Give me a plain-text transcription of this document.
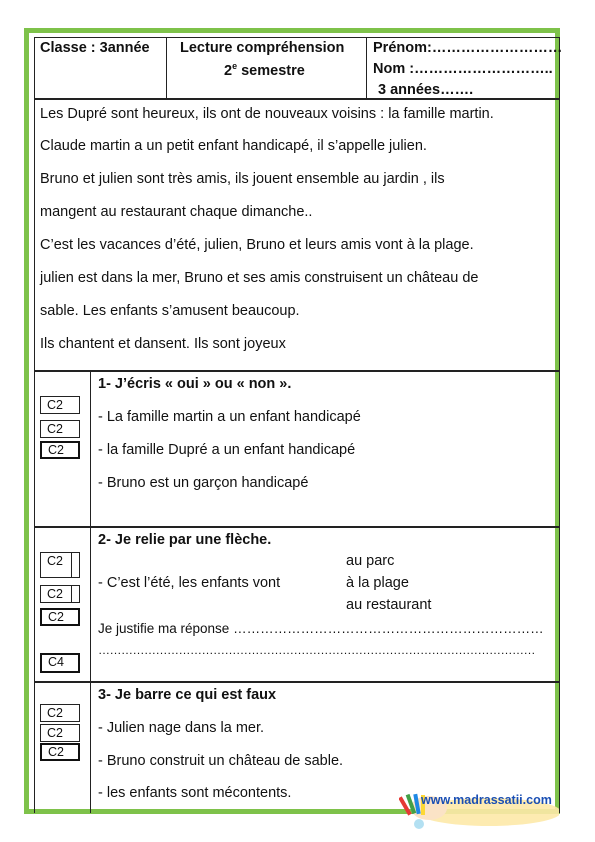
Classe : 3année Lecture compréhension
2e semestre
Prénom:………………………
Nom :………………………..
3 années…….
Les Dupré sont heureux, ils ont de nouveaux voisins : la famille martin.
Claude martin a un petit enfant handicapé, il s’appelle julien.
Bruno et julien sont très amis, ils jouent ensemble au jardin , ils
mangent au restaurant chaque dimanche..
C’est les vacances d’été, julien, Bruno et leurs amis vont à la plage.
julien est dans la mer, Bruno et ses amis construisent un château de
sable. Les enfants s’amusent beaucoup.
Ils chantent et dansent. Ils sont joyeux
C2
C2
C2
1- J’écris « oui » ou « non ».
- La famille martin a un enfant handicapé
- la famille Dupré a un enfant handicapé
- Bruno est un garçon handicapé
C2
C2
C2
C4
2- Je relie par une flèche.
au parc
- C’est l’été, les enfants vont	à la plage
au restaurant
Je justifie ma réponse ……………………………………………………………
……………………………………………………………………………………………………
C2
C2
C2
3- Je barre ce qui est faux
- Julien nage dans la mer.
- Bruno construit un château de sable.
- les enfants sont mécontents.	www.madrassatii.com
